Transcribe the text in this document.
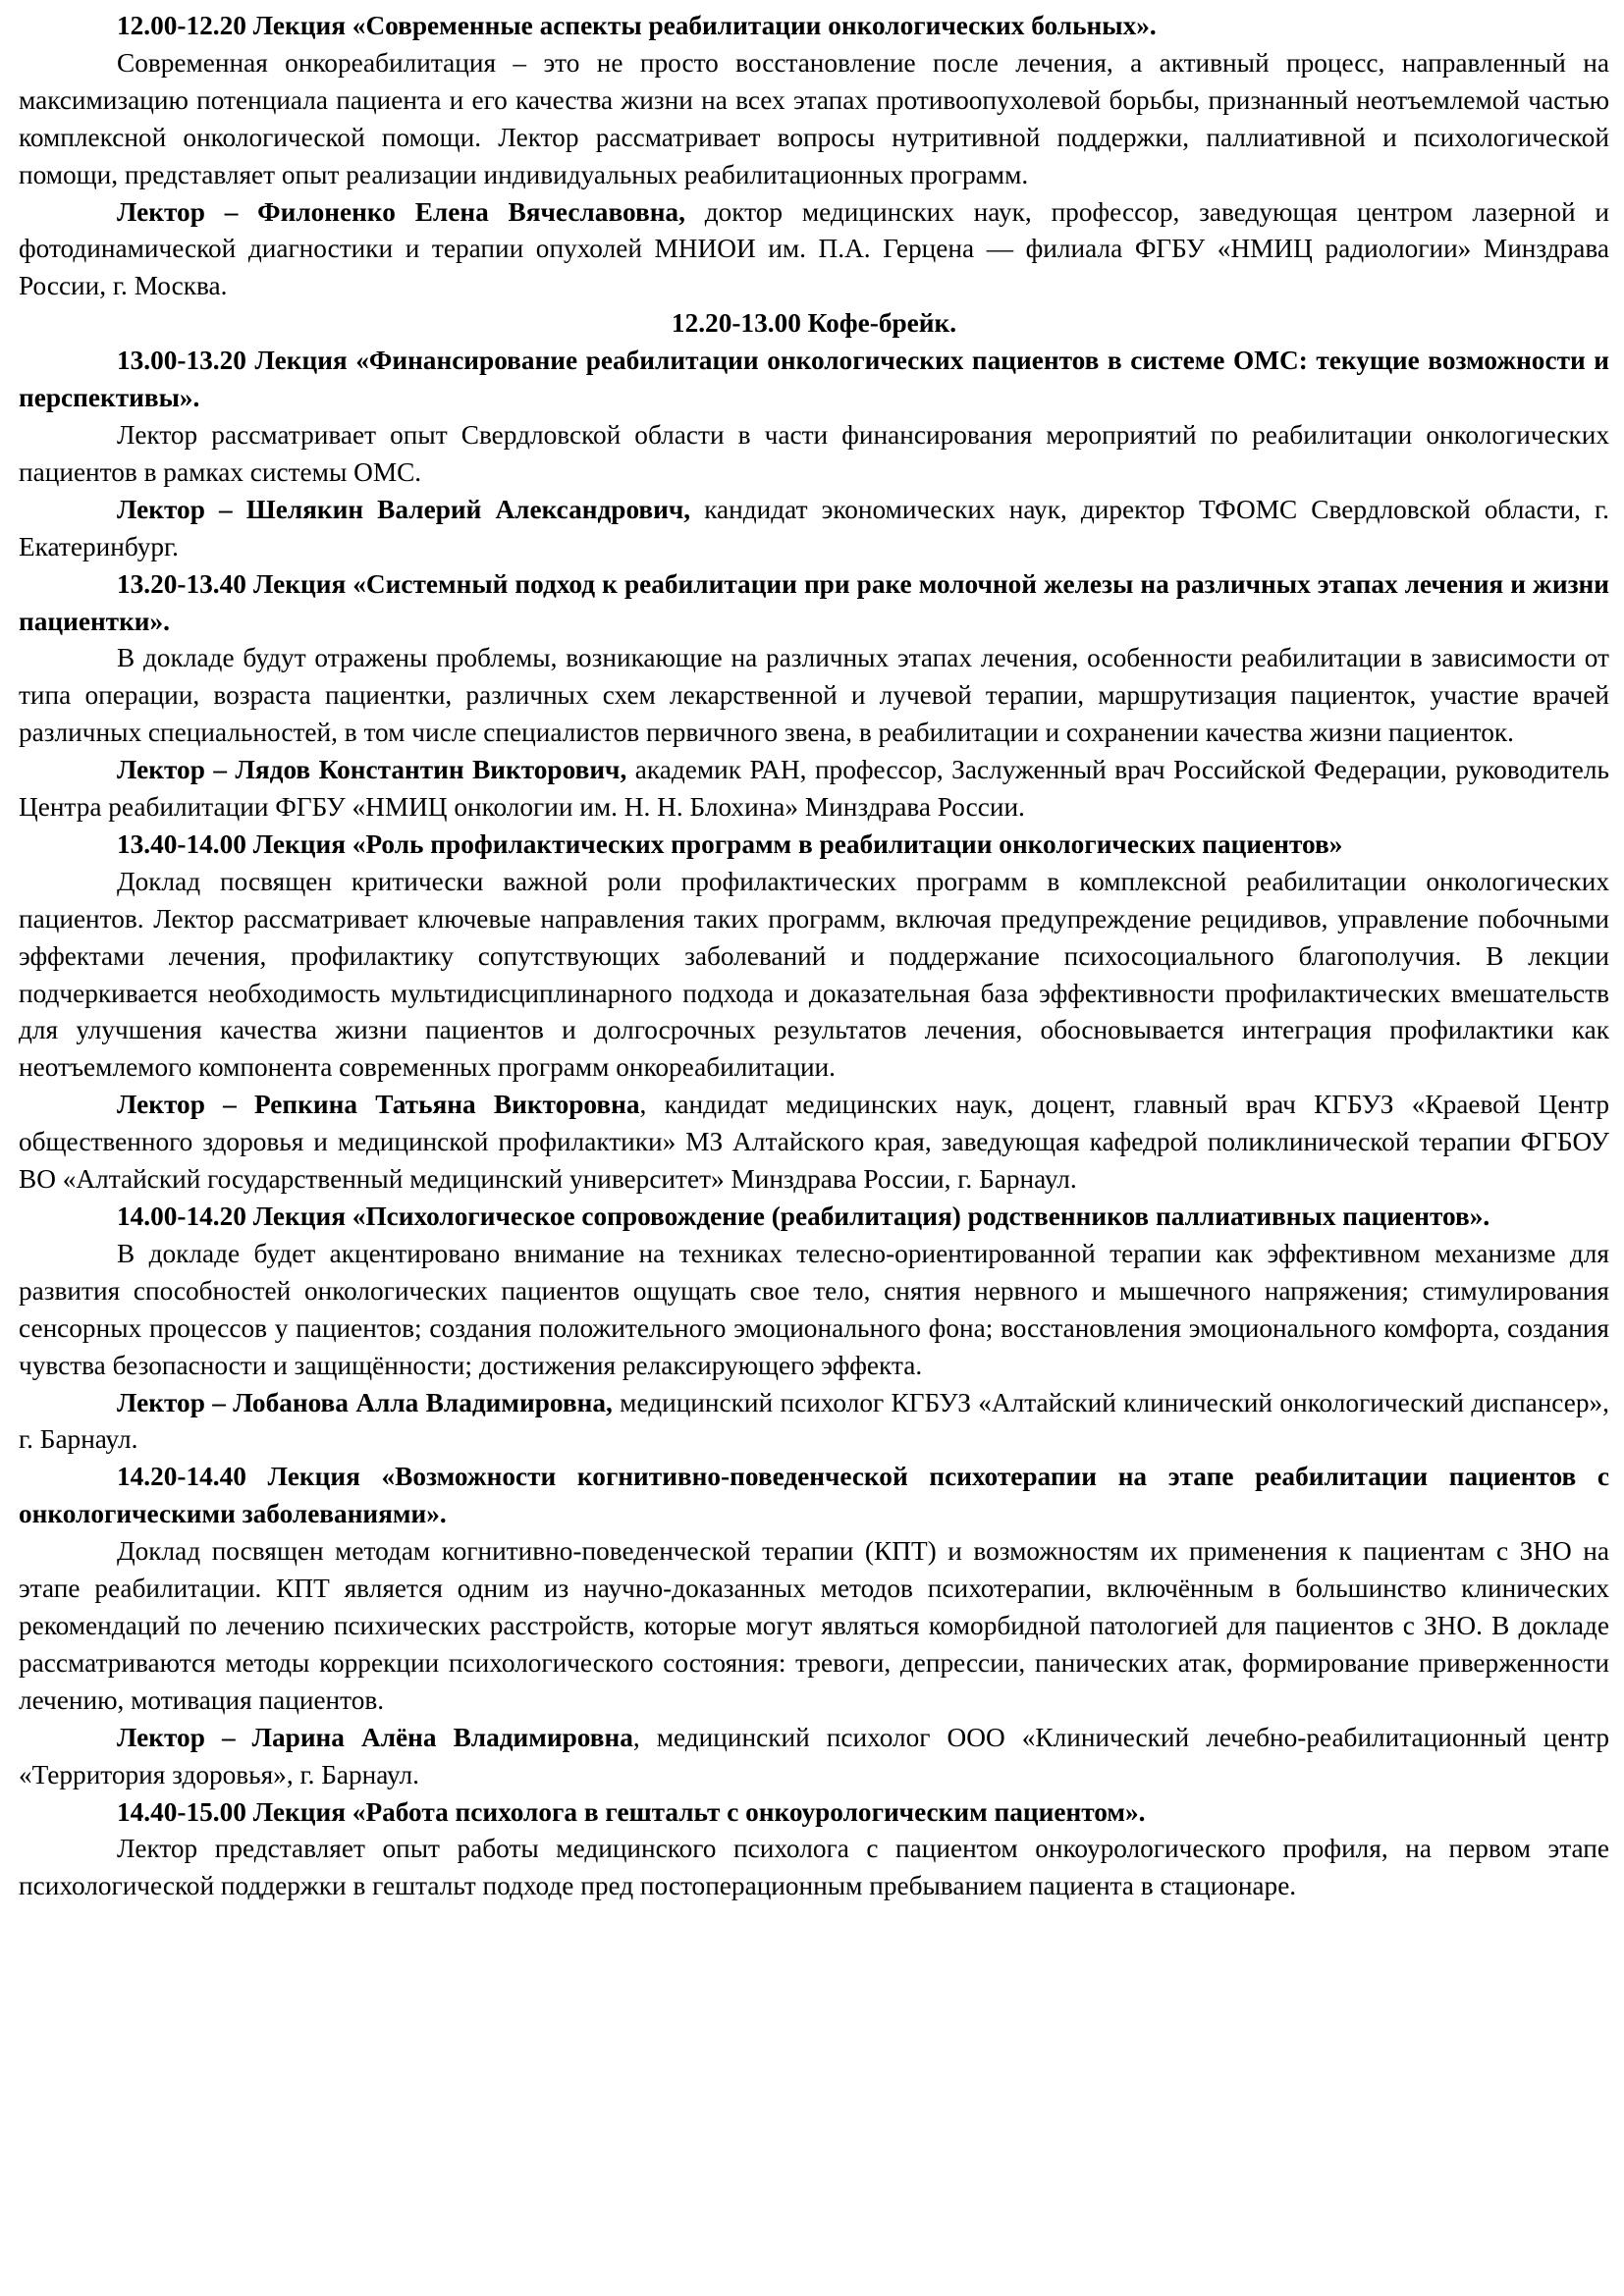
12.00-12.20 Лекция «Современные аспекты реабилитации онкологических больных».

Современная онкореабилитация – это не просто восстановление после лечения, а активный процесс, направленный на максимизацию потенциала пациента и его качества жизни на всех этапах противоопухолевой борьбы, признанный неотъемлемой частью комплексной онкологической помощи. Лектор рассматривает вопросы нутритивной поддержки, паллиативной и психологической помощи, представляет опыт реализации индивидуальных реабилитационных программ.

Лектор – Филоненко Елена Вячеславовна, доктор медицинских наук, профессор, заведующая центром лазерной и фотодинамической диагностики и терапии опухолей МНИОИ им. П.А. Герцена — филиала ФГБУ «НМИЦ радиологии» Минздрава России, г. Москва.

12.20-13.00 Кофе-брейк.

13.00-13.20 Лекция «Финансирование реабилитации онкологических пациентов в системе ОМС: текущие возможности и перспективы».

Лектор рассматривает опыт Свердловской области в части финансирования мероприятий по реабилитации онкологических пациентов в рамках системы ОМС.

Лектор – Шелякин Валерий Александрович, кандидат экономических наук, директор ТФОМС Свердловской области, г. Екатеринбург.

13.20-13.40 Лекция «Системный подход к реабилитации при раке молочной железы на различных этапах лечения и жизни пациентки».

В докладе будут отражены проблемы, возникающие на различных этапах лечения, особенности реабилитации в зависимости от типа операции, возраста пациентки, различных схем лекарственной и лучевой терапии, маршрутизация пациенток, участие врачей различных специальностей, в том числе специалистов первичного звена, в реабилитации и сохранении качества жизни пациенток.

Лектор – Лядов Константин Викторович, академик РАН, профессор, Заслуженный врач Российской Федерации, руководитель Центра реабилитации ФГБУ «НМИЦ онкологии им. Н. Н. Блохина» Минздрава России.

13.40-14.00 Лекция «Роль профилактических программ в реабилитации онкологических пациентов»

Доклад посвящен критически важной роли профилактических программ в комплексной реабилитации онкологических пациентов. Лектор рассматривает ключевые направления таких программ, включая предупреждение рецидивов, управление побочными эффектами лечения, профилактику сопутствующих заболеваний и поддержание психосоциального благополучия. В лекции подчеркивается необходимость мультидисциплинарного подхода и доказательная база эффективности профилактических вмешательств для улучшения качества жизни пациентов и долгосрочных результатов лечения, обосновывается интеграция профилактики как неотъемлемого компонента современных программ онкореабилитации.

Лектор – Репкина Татьяна Викторовна, кандидат медицинских наук, доцент, главный врач КГБУЗ «Краевой Центр общественного здоровья и медицинской профилактики» МЗ Алтайского края, заведующая кафедрой поликлинической терапии ФГБОУ ВО «Алтайский государственный медицинский университет» Минздрава России, г. Барнаул.

14.00-14.20 Лекция «Психологическое сопровождение (реабилитация) родственников паллиативных пациентов».

В докладе будет акцентировано внимание на техниках телесно-ориентированной терапии как эффективном механизме для развития способностей онкологических пациентов ощущать свое тело, снятия нервного и мышечного напряжения; стимулирования сенсорных процессов у пациентов; создания положительного эмоционального фона; восстановления эмоционального комфорта, создания чувства безопасности и защищённости; достижения релаксирующего эффекта.

Лектор – Лобанова Алла Владимировна, медицинский психолог КГБУЗ «Алтайский клинический онкологический диспансер», г. Барнаул.

14.20-14.40 Лекция «Возможности когнитивно-поведенческой психотерапии на этапе реабилитации пациентов с онкологическими заболеваниями».

Доклад посвящен методам когнитивно-поведенческой терапии (КПТ) и возможностям их применения к пациентам с ЗНО на этапе реабилитации. КПТ является одним из научно-доказанных методов психотерапии, включённым в большинство клинических рекомендаций по лечению психических расстройств, которые могут являться коморбидной патологией для пациентов с ЗНО. В докладе рассматриваются методы коррекции психологического состояния: тревоги, депрессии, панических атак, формирование приверженности лечению, мотивация пациентов.

Лектор – Ларина Алёна Владимировна, медицинский психолог ООО «Клинический лечебно-реабилитационный центр «Территория здоровья», г. Барнаул.

14.40-15.00 Лекция «Работа психолога в гештальт с онкоурологическим пациентом».

Лектор представляет опыт работы медицинского психолога с пациентом онкоурологического профиля, на первом этапе психологической поддержки в гештальт подходе пред постоперационным пребыванием пациента в стационаре.
